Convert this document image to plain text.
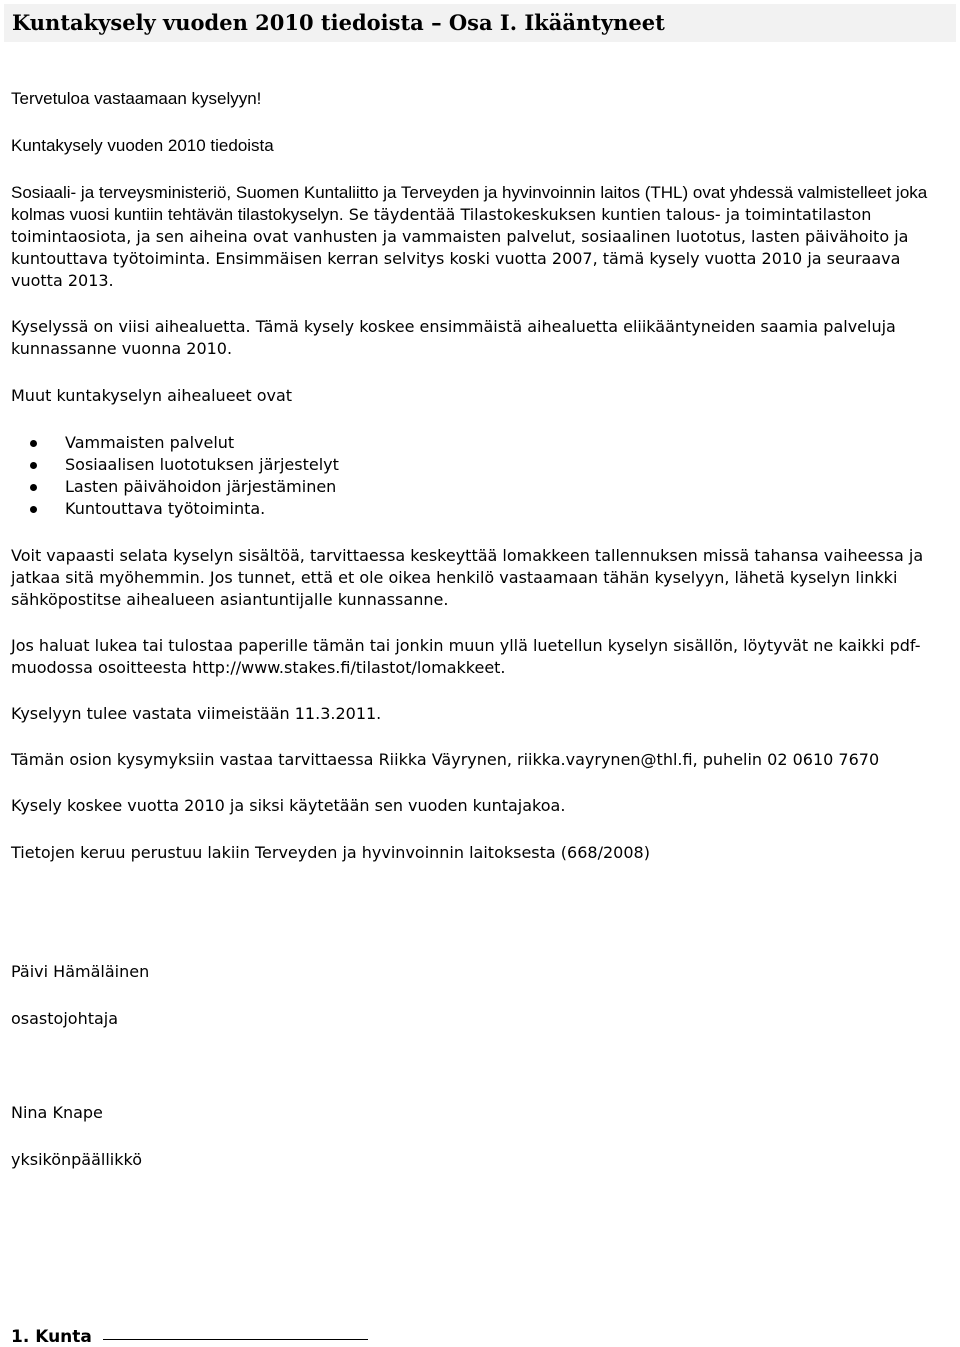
Kuntakysely vuoden 2010 tiedoista – Osa I. Ikääntyneet

Tervetuloa vastaamaan kyselyyn!

Kuntakysely vuoden 2010 tiedoista

Sosiaali- ja terveysministeriö, Suomen Kuntaliitto ja Terveyden ja hyvinvoinnin laitos (THL) ovat yhdessä valmistelleet joka kolmas vuosi kuntiin tehtävän tilastokyselyn. Se täydentää Tilastokeskuksen kuntien talous- ja toimintatilaston toimintaosiota, ja sen aiheina ovat vanhusten ja vammaisten palvelut, sosiaalinen luototus, lasten päivähoito ja kuntouttava työtoiminta. Ensimmäisen kerran selvitys koski vuotta 2007, tämä kysely vuotta 2010 ja seuraava vuotta 2013.

Kyselyssä on viisi aihealuetta. Tämä kysely koskee ensimmäistä aihealuetta eliikääntyneiden saamia palveluja kunnassanne vuonna 2010.

Muut kuntakyselyn aihealueet ovat

Vammaisten palvelut
Sosiaalisen luototuksen järjestelyt
Lasten päivähoidon järjestäminen
Kuntouttava työtoiminta.

Voit vapaasti selata kyselyn sisältöä, tarvittaessa keskeyttää lomakkeen tallennuksen missä tahansa vaiheessa ja jatkaa sitä myöhemmin. Jos tunnet, että et ole oikea henkilö vastaamaan tähän kyselyyn, lähetä kyselyn linkki sähköpostitse aihealueen asiantuntijalle kunnassanne.

Jos haluat lukea tai tulostaa paperille tämän tai jonkin muun yllä luetellun kyselyn sisällön, löytyvät ne kaikki pdf-muodossa osoitteesta http://www.stakes.fi/tilastot/lomakkeet.

Kyselyyn tulee vastata viimeistään 11.3.2011.

Tämän osion kysymyksiin vastaa tarvittaessa Riikka Väyrynen, riikka.vayrynen@thl.fi, puhelin 02 0610 7670

Kysely koskee vuotta 2010 ja siksi käytetään sen vuoden kuntajakoa.

Tietojen keruu perustuu lakiin Terveyden ja hyvinvoinnin laitoksesta (668/2008)

Päivi Hämäläinen
osastojohtaja
Nina Knape
yksikönpäällikkö
1. Kunta
